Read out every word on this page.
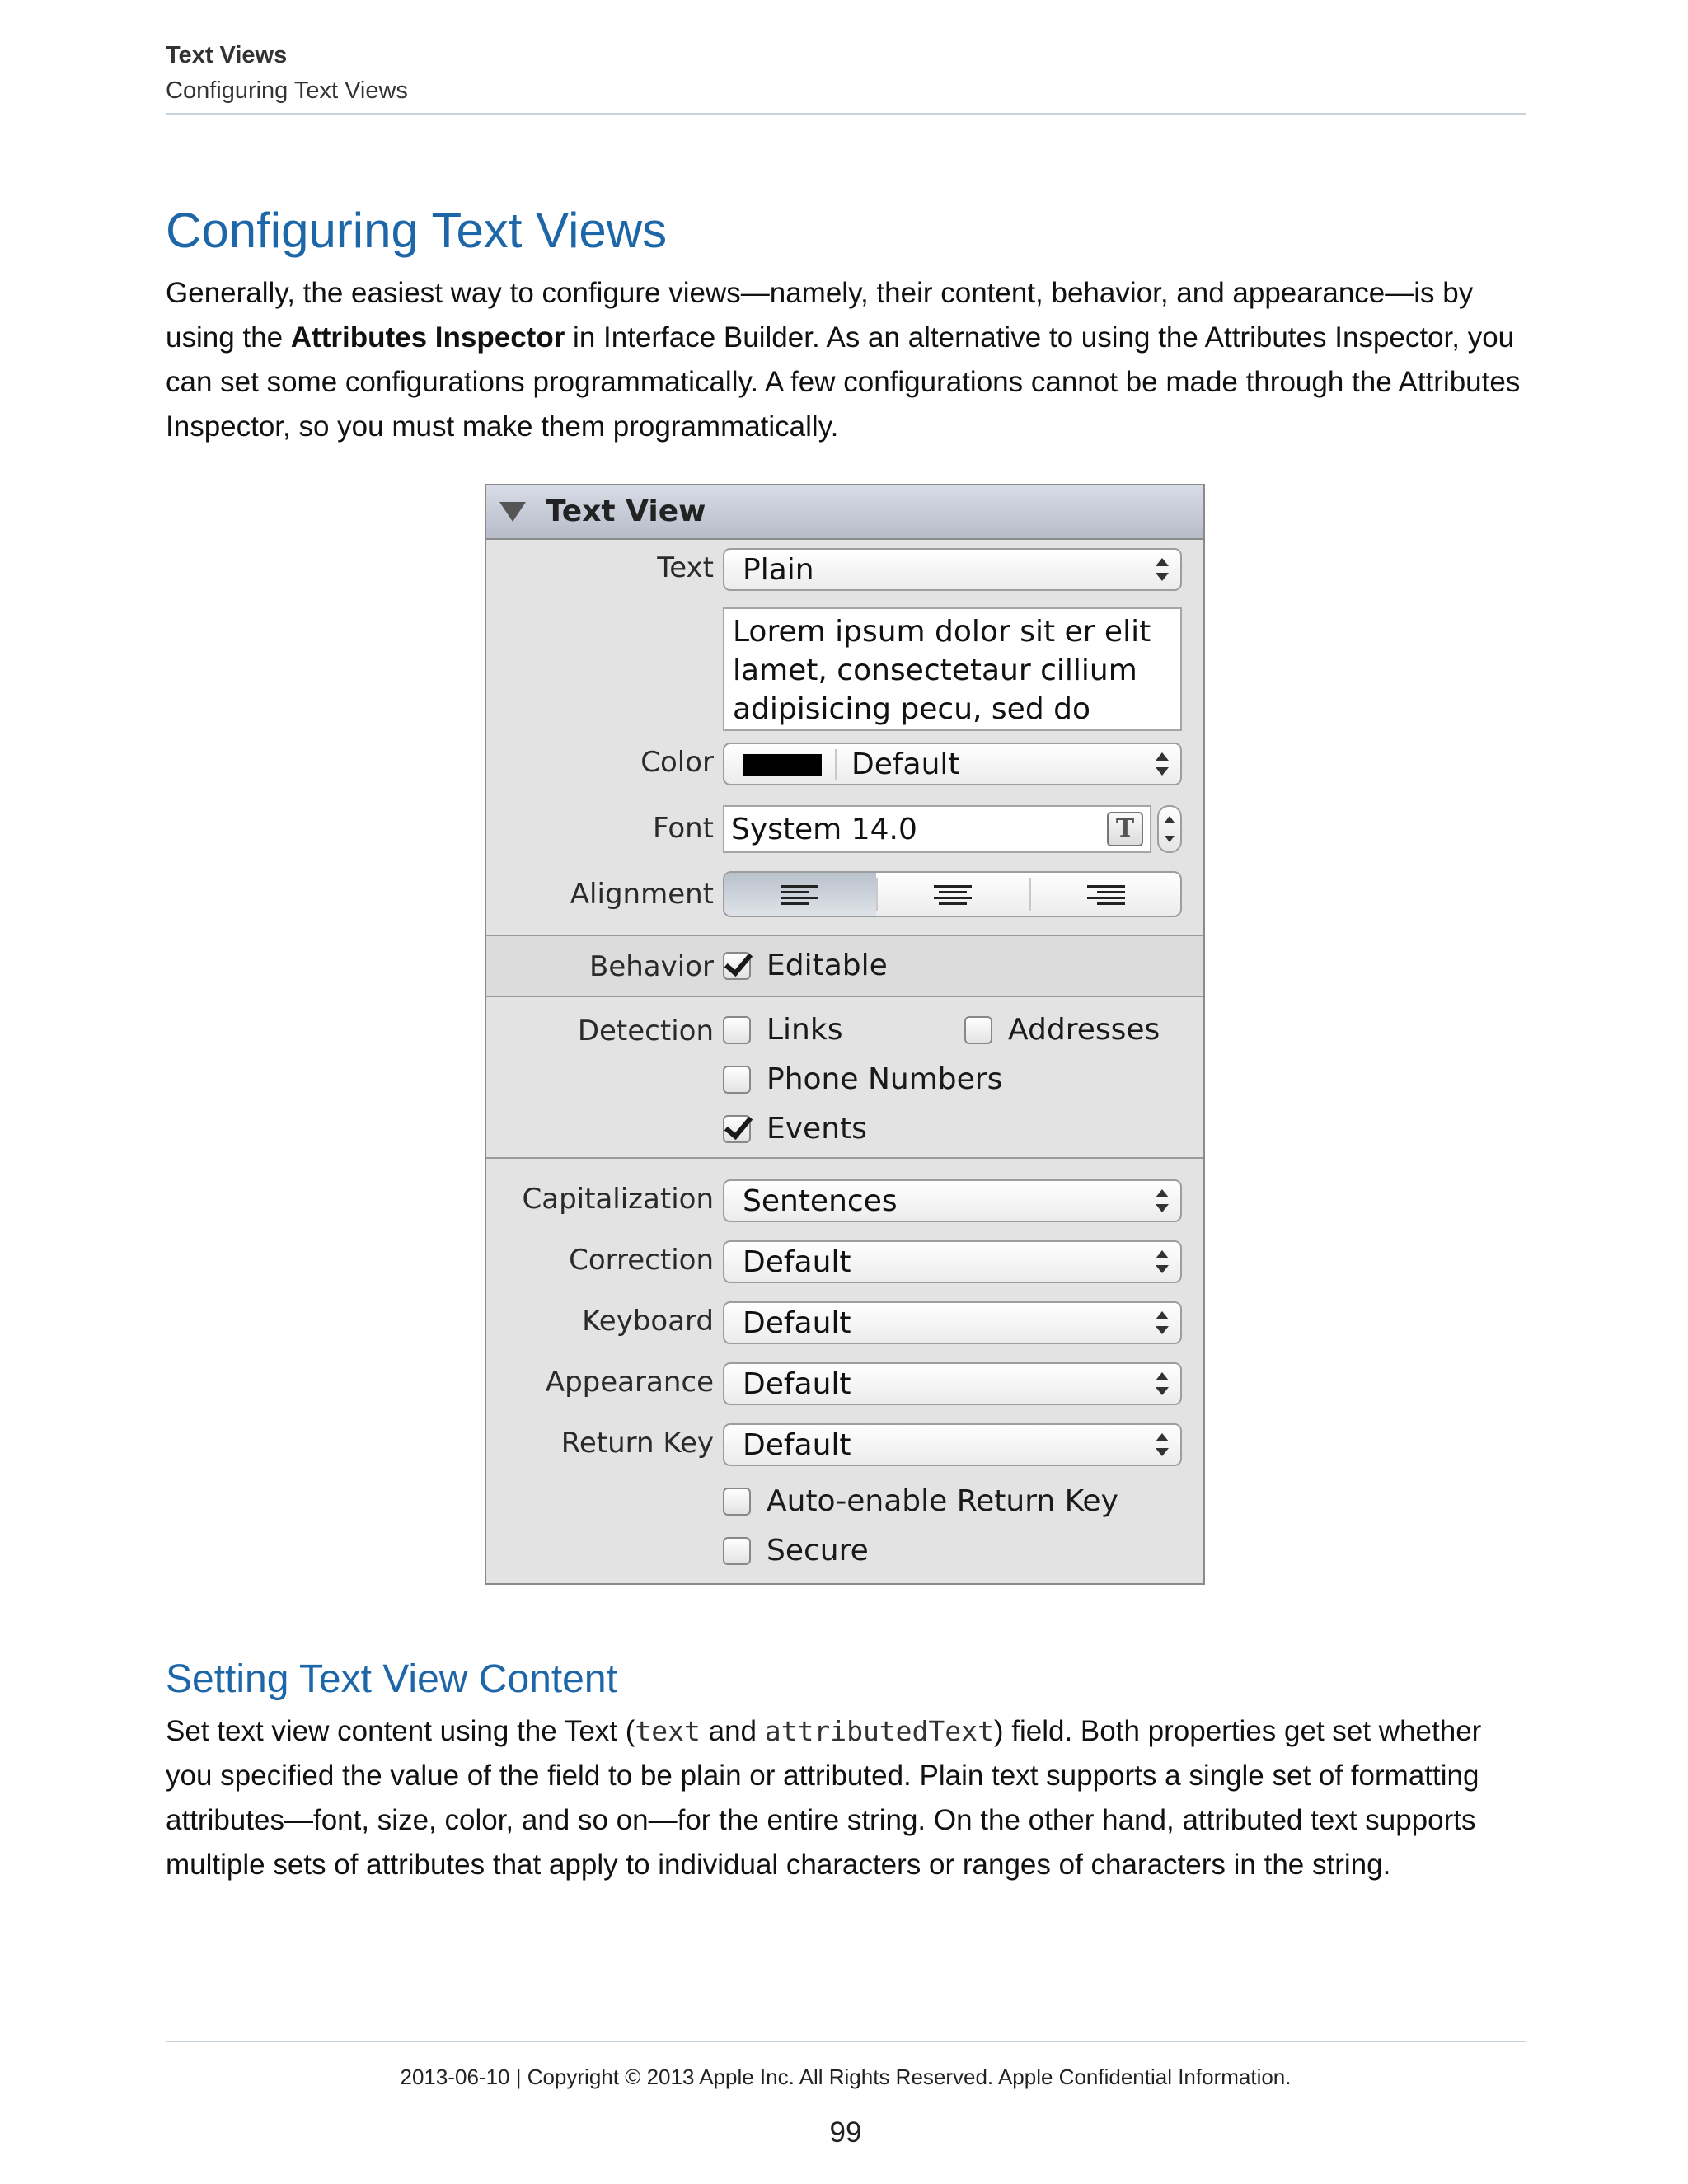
Text Views
Configuring Text Views
Configuring Text Views
Generally, the easiest way to configure views—namely, their content, behavior, and appearance—is by using the Attributes Inspector in Interface Builder. As an alternative to using the Attributes Inspector, you can set some configurations programmatically. A few configurations cannot be made through the Attributes Inspector, so you must make them programmatically.
Text View
Text Plain
Lorem ipsum dolor sit er elit
lamet, consectetaur cillium
adipisicing pecu, sed do
Color	Default
Font System 14.0	T
Alignment
Behavior Editable
Detection Links	Addresses
Phone Numbers
Events
Capitalization Sentences
Correction Default
Keyboard Default
Appearance Default
Return Key Default
Auto-enable Return Key
Secure
Setting Text View Content
Set text view content using the Text (text and attributedText) field. Both properties get set whether you specified the value of the field to be plain or attributed. Plain text supports a single set of formatting attributes—font, size, color, and so on—for the entire string. On the other hand, attributed text supports multiple sets of attributes that apply to individual characters or ranges of characters in the string.
2013-06-10 | Copyright © 2013 Apple Inc. All Rights Reserved. Apple Confidential Information.
99
